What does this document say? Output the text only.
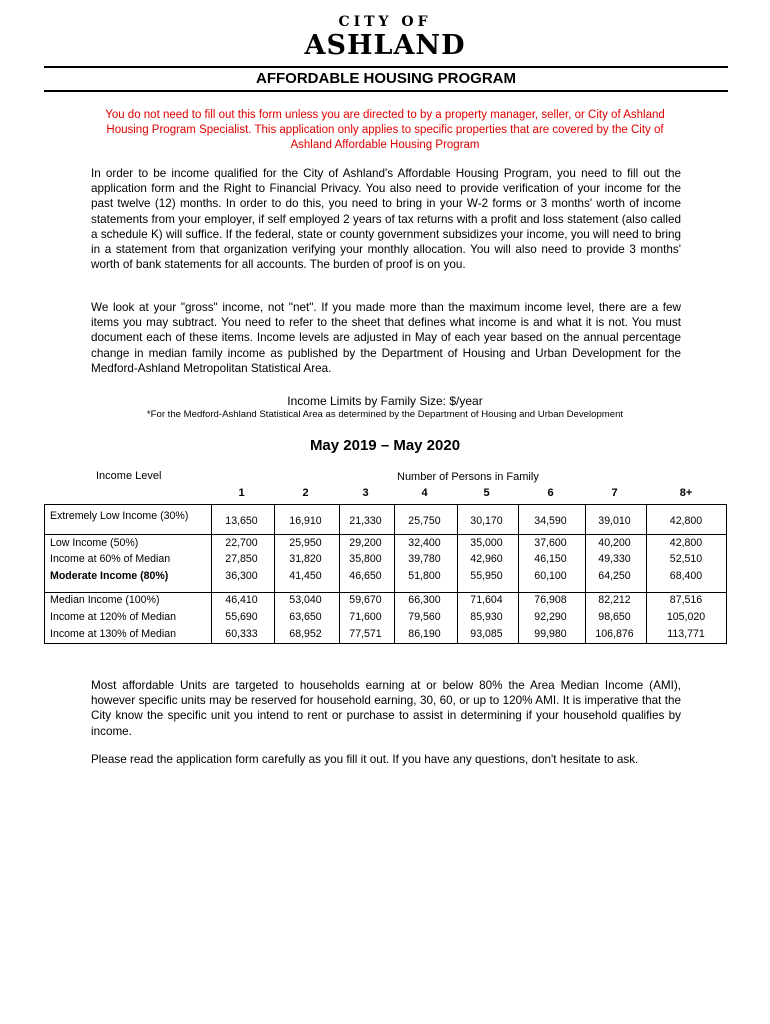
CITY OF
ASHLAND
AFFORDABLE HOUSING PROGRAM
You do not need to fill out this form unless you are directed to by a property manager, seller, or City of Ashland Housing Program Specialist. This application only applies to specific properties that are covered by the City of Ashland Affordable Housing Program
In order to be income qualified for the City of Ashland's Affordable Housing Program, you need to fill out the application form and the Right to Financial Privacy. You also need to provide verification of your income for the past twelve (12) months. In order to do this, you need to bring in your W-2 forms or 3 months' worth of income statements from your employer, if self employed 2 years of tax returns with a profit and loss statement (also called a schedule K) will suffice. If the federal, state or county government subsidizes your income, you will need to bring in a statement from that organization verifying your monthly allocation. You will also need to provide 3 months' worth of bank statements for all accounts. The burden of proof is on you.
We look at your "gross" income, not "net". If you made more than the maximum income level, there are a few items you may subtract. You need to refer to the sheet that defines what income is and what it is not. You must document each of these items. Income levels are adjusted in May of each year based on the annual percentage change in median family income as published by the Department of Housing and Urban Development for the Medford-Ashland Metropolitan Statistical Area.
Income Limits by Family Size: $/year
*For the Medford-Ashland Statistical Area as determined by the Department of Housing and Urban Development
May 2019 – May 2020
Income Level	Number of Persons in Family
1	2	3	4	5	6	7	8+
Extremely Low Income (30%)	13,650	16,910	21,330	25,750	30,170	34,590	39,010	42,800
Low Income (50%)	22,700	25,950	29,200	32,400	35,000	37,600	40,200	42,800
Income at 60% of Median	27,850	31,820	35,800	39,780	42,960	46,150	49,330	52,510
Moderate Income (80%)	36,300	41,450	46,650	51,800	55,950	60,100	64,250	68,400
Median Income (100%)	46,410	53,040	59,670	66,300	71,604	76,908	82,212	87,516
Income at 120% of Median	55,690	63,650	71,600	79,560	85,930	92,290	98,650	105,020
Income at 130% of Median	60,333	68,952	77,571	86,190	93,085	99,980	106,876	113,771
Most affordable Units are targeted to households earning at or below 80% the Area Median Income (AMI), however specific units may be reserved for household earning, 30, 60, or up to 120% AMI. It is imperative that the City know the specific unit you intend to rent or purchase to assist in determining if your household qualifies by income.
Please read the application form carefully as you fill it out. If you have any questions, don't hesitate to ask.
